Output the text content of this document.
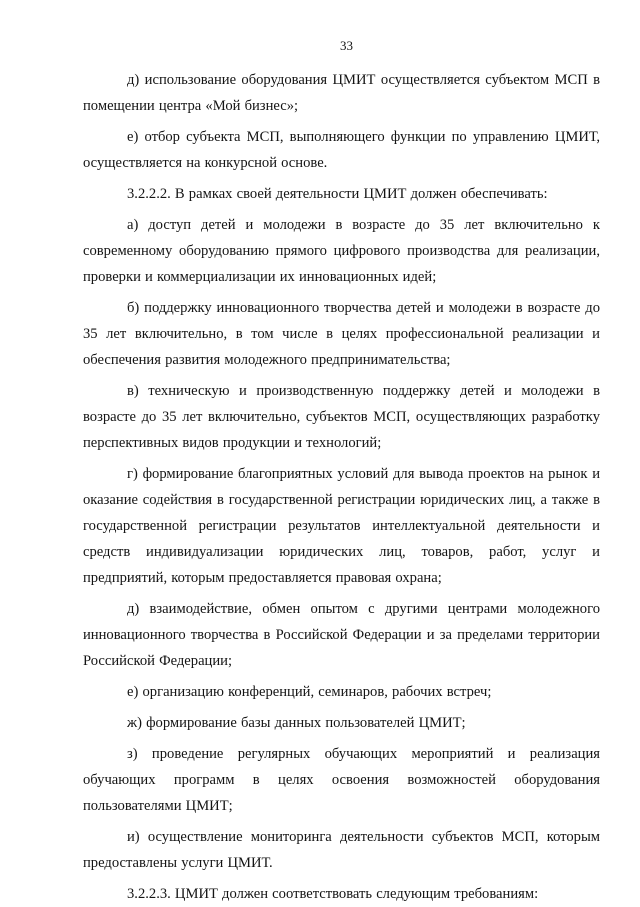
33

д) использование оборудования ЦМИТ осуществляется субъектом МСП в помещении центра «Мой бизнес»;

е) отбор субъекта МСП, выполняющего функции по управлению ЦМИТ, осуществляется на конкурсной основе.

3.2.2.2. В рамках своей деятельности ЦМИТ должен обеспечивать:

а) доступ детей и молодежи в возрасте до 35 лет включительно к современному оборудованию прямого цифрового производства для реализации, проверки и коммерциализации их инновационных идей;

б) поддержку инновационного творчества детей и молодежи в возрасте до 35 лет включительно, в том числе в целях профессиональной реализации и обеспечения развития молодежного предпринимательства;

в) техническую и производственную поддержку детей и молодежи в возрасте до 35 лет включительно, субъектов МСП, осуществляющих разработку перспективных видов продукции и технологий;

г) формирование благоприятных условий для вывода проектов на рынок и оказание содействия в государственной регистрации юридических лиц, а также в государственной регистрации результатов интеллектуальной деятельности и средств индивидуализации юридических лиц, товаров, работ, услуг и предприятий, которым предоставляется правовая охрана;

д) взаимодействие, обмен опытом с другими центрами молодежного инновационного творчества в Российской Федерации и за пределами территории Российской Федерации;

е) организацию конференций, семинаров, рабочих встреч;

ж) формирование базы данных пользователей ЦМИТ;

з) проведение регулярных обучающих мероприятий и реализация обучающих программ в целях освоения возможностей оборудования пользователями ЦМИТ;

и) осуществление мониторинга деятельности субъектов МСП, которым предоставлены услуги ЦМИТ.

3.2.2.3. ЦМИТ должен соответствовать следующим требованиям:
